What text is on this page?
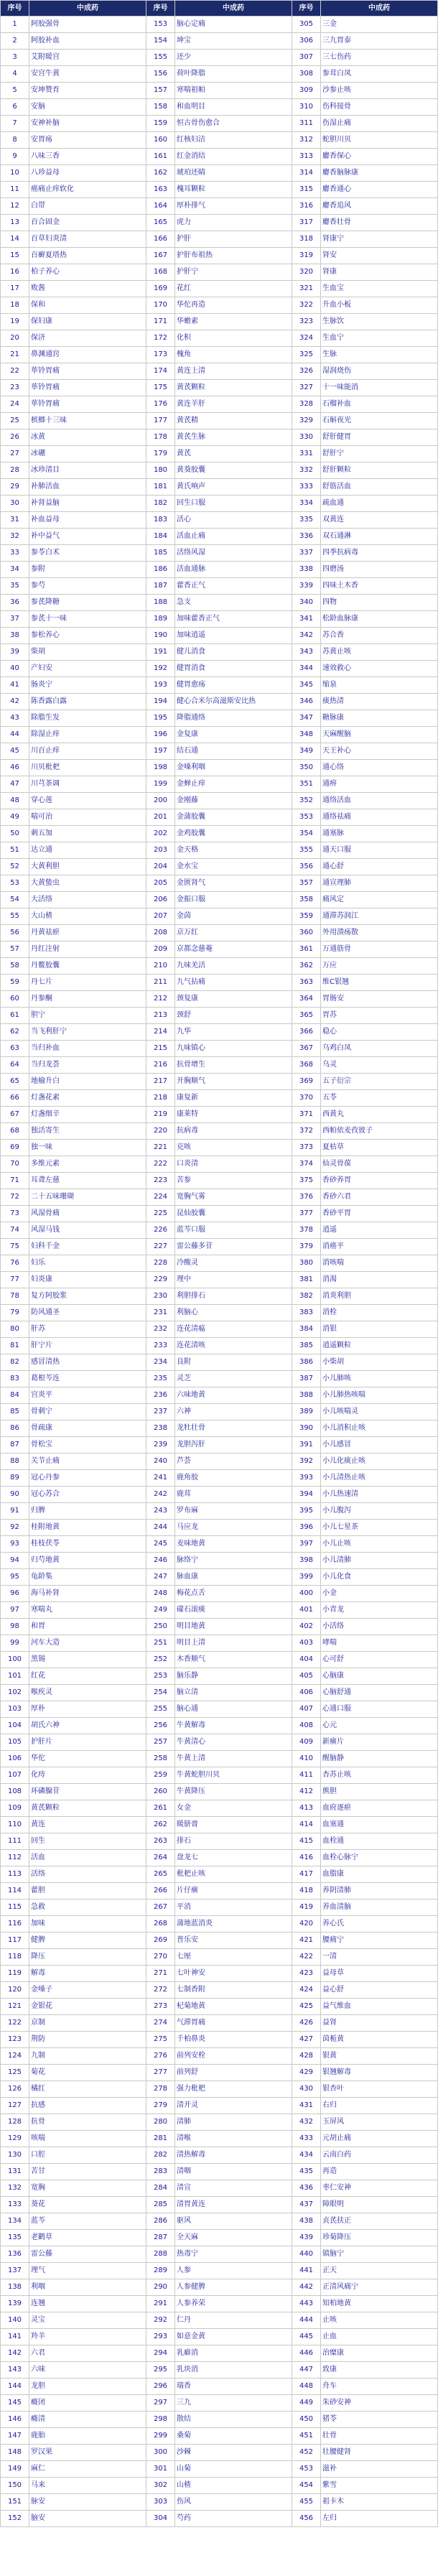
序号	中成药	序号	中成药	序号	中成药
1	阿胶强骨	153	脑心定痛	305	三金
2	阿胶补血	154	坤宝	306	三九胃泰
3	艾附暖宫	155	还少	307	三七伤药
4	安宫牛黄	156	荷叶降脂	308	参茸白凤
5	安坤赞育	157	寒喘祖帕	309	沙参止咳
6	安脑	158	和血明目	310	伤科接骨
7	安神补脑	159	恒古骨伤愈合	311	伤湿止痛
8	安胃疡	160	红核妇洁	312	蛇胆川贝
9	八味三香	161	红金消结	313	麝香保心
10	八珍益母	162	琥珀还睛	314	麝香脑脉康
11	癌痛止痒软化	163	槐耳颗粒	315	麝香通心
12	白带	164	厚朴排气	316	麝香追风
13	百合固金	165	虎力	317	麝香壮骨
14	百草妇炎清	166	护肝	318	肾康宁
15	百癣夏塔热	167	护肝布祖热	319	肾安
16	柏子养心	168	护肝宁	320	肾康
17	败酱	169	花红	321	生血宝
18	保和	170	华佗再造	322	升血小板
19	保妇康	171	华蟾素	323	生脉饮
20	保济	172	化积	324	生血宁
21	鼻渊通窍	173	槐角	325	生脉
22	荜铃胃痛	174	黄连上清	326	湿润烧伤
23	荜铃胃痛	175	黄芪颗粒	327	十一味能消
24	荜铃胃痛	176	黄连羊肝	328	石榴补血
25	槟榔十三味	177	黄芪精	329	石斛夜光
26	冰黄	178	黄芪生脉	330	舒肝健胃
27	冰硼	179	黄芪	331	舒肝宁
28	冰珍清目	180	黄葵胶囊	332	舒肝颗粒
29	补肺活血	181	黄氏响声	333	舒筋活血
30	补肾益脑	182	回生口服	334	疏血通
31	补血益母	183	活心	335	双黄连
32	补中益气	184	活血止痛	336	双石通淋
33	参苓白术	185	活络风湿	337	四季抗病毒
34	参附	186	活血通脉	338	四磨汤
35	参芍	187	藿香正气	339	四味土木香
36	参芪降糖	188	急支	340	四物
37	参芪十一味	189	加味藿香正气	341	松龄血脉康
38	参松养心	190	加味逍遥	342	苏合香
39	柴胡	191	健儿消食	343	苏黄止咳
40	产妇安	192	健胃消食	344	速效救心
41	肠炎宁	193	健胃愈疡	345	缩泉
42	陈香露白露	194	健心合米尔高滋斯安比热	346	痰热清
43	除脂生发	195	降脂通络	347	糖脉康
44	除湿止痒	196	金复康	348	天麻醒脑
45	川百止痒	197	结石通	349	天王补心
46	川贝枇杷	198	金嗓利咽	350	通心络
47	川芎茶调	199	金蝉止痒	351	通痹
48	穿心莲	200	金刚藤	352	通络活血
49	喘可治	201	金蒲胶囊	353	通络祛痛
50	刺五加	202	金鸡胶囊	354	通塞脉
51	达立通	203	金天格	355	通天口服
52	大黄利胆	204	金水宝	356	通心舒
53	大黄蛰虫	205	金匮肾气	357	通宣理肺
54	大活络	206	金振口服	358	痛风定
55	大山楂	207	金茵	359	通滞苏润江
56	丹黄祛瘀	208	京万红	360	外用溃疡散
57	丹红注射	209	京都念慈菴	361	万通筋骨
58	丹鳖胶囊	210	九味羌活	362	万应
59	丹七片	211	九气拈痛	363	维C银翘
60	丹参酮	212	颈复康	364	胃肠安
61	胆宁	213	颈舒	365	胃苏
62	当飞利肝宁	214	九华	366	稳心
63	当归补血	215	九味镇心	367	乌鸡白凤
64	当归龙荟	216	抗骨增生	368	乌灵
65	地榆升白	217	开胸顺气	369	五子衍宗
66	灯盏花素	218	康复新	370	五苓
67	灯盏细辛	219	康莱特	371	西黄丸
68	独活寄生	220	抗病毒	372	西帕依麦孜彼子
69	独一味	221	克咳	373	夏枯草
70	多维元素	222	口炎清	374	仙灵骨葆
71	耳聋左慈	223	苦参	375	香砂养胃
72	二十五味珊瑚	224	宽胸气雾	376	香砂六君
73	风湿骨痛	225	昆仙胶囊	377	香砂平胃
74	风湿马钱	226	蓝芩口服	378	逍遥
75	妇科千金	227	雷公藤多苷	379	消癌平
76	妇乐	228	冷酸灵	380	消咳喘
77	妇炎康	229	理中	381	消渴
78	复方阿胶浆	230	利胆排石	382	消炎利胆
79	防风通圣	231	利脑心	383	消栓
80	肝苏	232	连花清瘟	384	消银
81	肝宁片	233	连花清咳	385	逍遥颗粒
82	感冒清热	234	良附	386	小柴胡
83	葛根芩连	235	灵芝	387	小儿肺咳
84	宫炎平	236	六味地黄	388	小儿肺热咳喘
85	骨刺宁	237	六神	389	小儿咳喘灵
86	骨疏康	238	龙牡壮骨	390	小儿消积止咳
87	骨松宝	239	龙胆泻肝	391	小儿感冒
88	关节止痛	240	芦荟	392	小儿化痰止咳
89	冠心丹参	241	鹿角胶	393	小儿清热止咳
90	冠心苏合	242	鹿茸	394	小儿热速清
91	归脾	243	罗布麻	395	小儿腹泻
92	桂附地黄	244	马应龙	396	小儿七星茶
93	桂枝茯苓	245	麦味地黄	397	小儿止咳
94	归芍地黄	246	脉络宁	398	小儿清肺
95	龟龄集	247	脉血康	399	小儿化食
96	海马补肾	248	梅花点舌	400	小金
97	寒喘丸	249	礞石滚痰	401	小青龙
98	和胃	250	明目地黄	402	小活络
99	河车大造	251	明目上清	403	哮喘
100	黑锡	252	木香顺气	404	心可舒
101	红花	253	脑乐静	405	心脑康
102	喉疾灵	254	脑立清	406	心脑舒通
103	厚朴	255	脑心通	407	心通口服
104	胡氏六神	256	牛黄解毒	408	心元
105	护肝片	257	牛黄清心	409	新癀片
106	华佗	258	牛黄上清	410	醒脑静
107	化痔	259	牛黄蛇胆川贝	411	杏苏止咳
108	环磷腺苷	260	牛黄降压	412	熊胆
109	黄芪颗粒	261	女金	413	血府逐瘀
110	黄连	262	暖脐膏	414	血塞通
111	回生	263	排石	415	血栓通
112	活血	264	盘龙七	416	血栓心脉宁
113	活络	265	枇杷止咳	417	血脂康
114	藿胆	266	片仔癀	418	养阴清肺
115	急救	267	平消	419	养血清脑
116	加味	268	蒲地蓝消炎	420	养心氏
117	健脾	269	普乐安	421	腰痛宁
118	降压	270	七厘	422	一清
119	解毒	271	七叶神安	423	益母草
120	金嗓子	272	七制香附	424	益心舒
121	金银花	273	杞菊地黄	425	益气维血
122	京制	274	气滞胃痛	426	益肾
123	荆防	275	千柏鼻炎	427	茵栀黄
124	九制	276	前列安栓	428	银黄
125	菊花	277	前列舒	429	银翘解毒
126	橘红	278	强力枇杷	430	银杏叶
127	抗感	279	清开灵	431	右归
128	抗骨	280	清肺	432	玉屏风
129	咳喘	281	清喉	433	元胡止痛
130	口腔	282	清热解毒	434	云南白药
131	苦甘	283	清咽	435	再造
132	宽胸	284	清宣	436	枣仁安神
133	葵花	285	清胃黄连	437	障眼明
134	蓝芩	286	驱风	438	贞芪扶正
135	老鹳草	287	全天麻	439	珍菊降压
136	雷公藤	288	热毒宁	440	镇脑宁
137	理气	289	人参	441	正天
138	利咽	290	人参健脾	442	正清风痛宁
139	连翘	291	人参养荣	443	知柏地黄
140	灵宝	292	仁丹	444	止咳
141	羚羊	293	如意金黄	445	止血
142	六君	294	乳癖消	446	治糜康
143	六味	295	乳块消	447	致康
144	龙胆	296	瑞香	448	舟车
145	癃闭	297	三九	449	朱砂安神
146	癃清	298	散结	450	猪苓
147	鹿胎	299	桑菊	451	壮骨
148	罗汉果	300	沙棘	452	壮腰健肾
149	麻仁	301	山菊	453	滋补
150	马来	302	山楂	454	紫雪
151	脉安	303	伤风	455	祖卡木
152	脑安	304	芍药	456	左归
